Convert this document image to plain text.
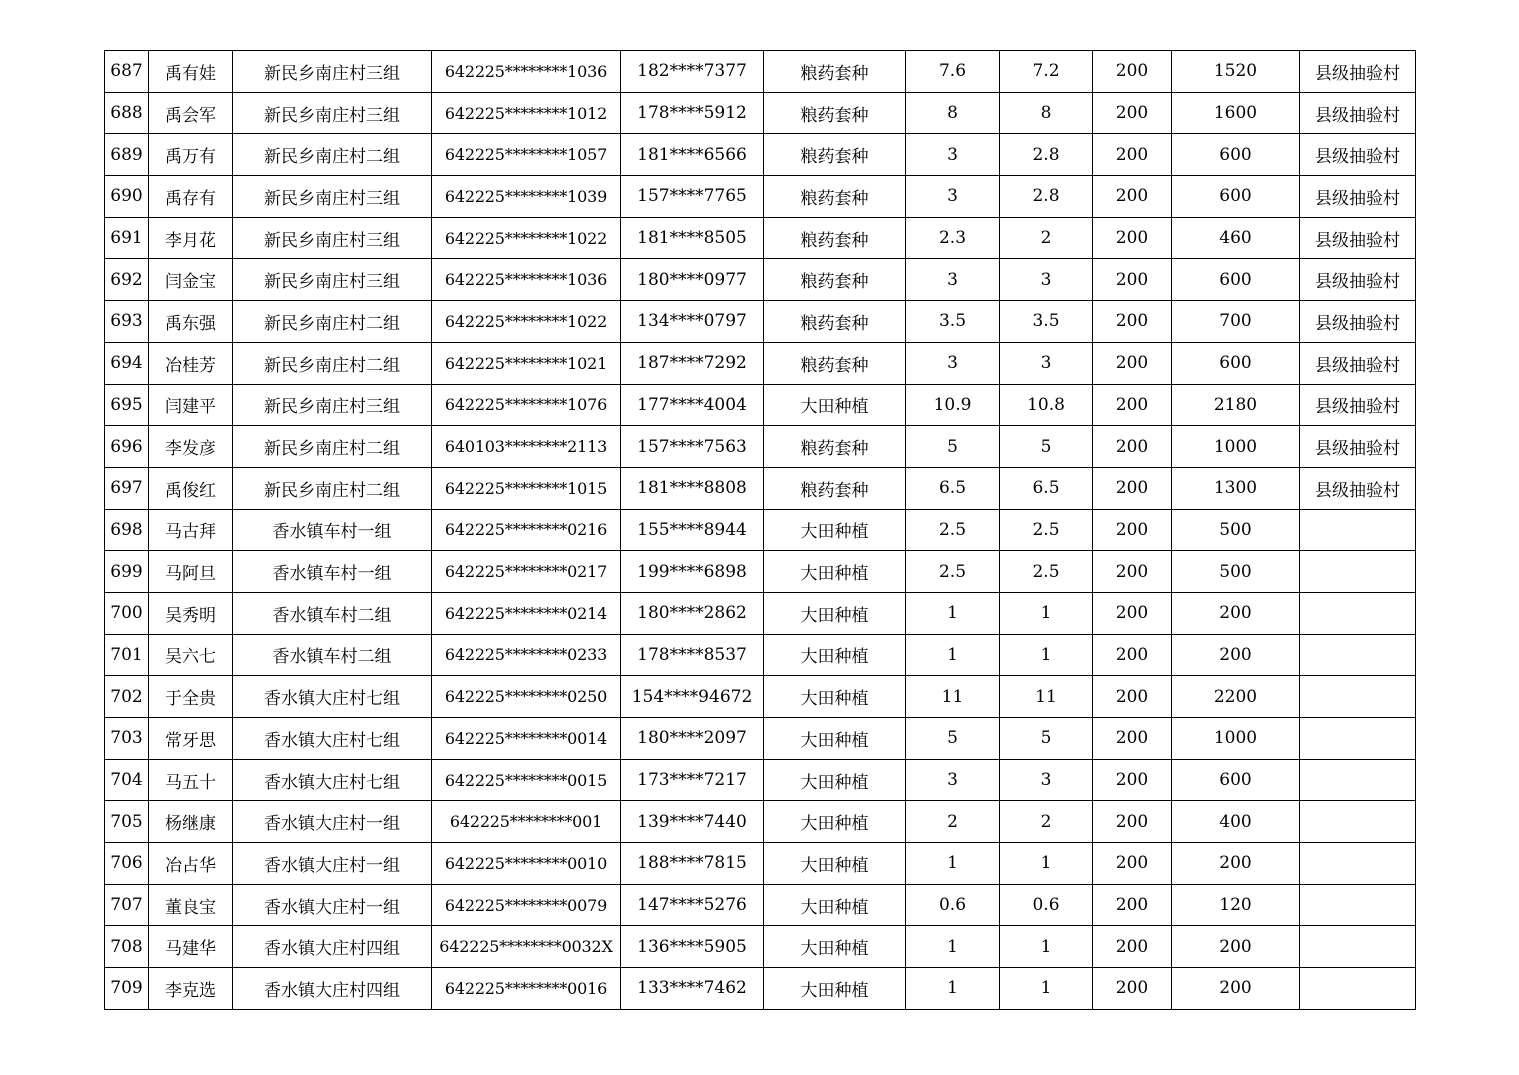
687	禹有娃	新民乡南庄村三组	642225********1036	182****7377	粮药套种	7.6	7.2	200	1520	县级抽验村
688	禹会军	新民乡南庄村三组	642225********1012	178****5912	粮药套种	8	8	200	1600	县级抽验村
689	禹万有	新民乡南庄村二组	642225********1057	181****6566	粮药套种	3	2.8	200	600	县级抽验村
690	禹存有	新民乡南庄村三组	642225********1039	157****7765	粮药套种	3	2.8	200	600	县级抽验村
691	李月花	新民乡南庄村三组	642225********1022	181****8505	粮药套种	2.3	2	200	460	县级抽验村
692	闫金宝	新民乡南庄村三组	642225********1036	180****0977	粮药套种	3	3	200	600	县级抽验村
693	禹东强	新民乡南庄村二组	642225********1022	134****0797	粮药套种	3.5	3.5	200	700	县级抽验村
694	冶桂芳	新民乡南庄村二组	642225********1021	187****7292	粮药套种	3	3	200	600	县级抽验村
695	闫建平	新民乡南庄村三组	642225********1076	177****4004	大田种植	10.9	10.8	200	2180	县级抽验村
696	李发彦	新民乡南庄村二组	640103********2113	157****7563	粮药套种	5	5	200	1000	县级抽验村
697	禹俊红	新民乡南庄村二组	642225********1015	181****8808	粮药套种	6.5	6.5	200	1300	县级抽验村
698	马古拜	香水镇车村一组	642225********0216	155****8944	大田种植	2.5	2.5	200	500	
699	马阿旦	香水镇车村一组	642225********0217	199****6898	大田种植	2.5	2.5	200	500	
700	吴秀明	香水镇车村二组	642225********0214	180****2862	大田种植	1	1	200	200	
701	吴六七	香水镇车村二组	642225********0233	178****8537	大田种植	1	1	200	200	
702	于全贵	香水镇大庄村七组	642225********0250	154****94672	大田种植	11	11	200	2200	
703	常牙思	香水镇大庄村七组	642225********0014	180****2097	大田种植	5	5	200	1000	
704	马五十	香水镇大庄村七组	642225********0015	173****7217	大田种植	3	3	200	600	
705	杨继康	香水镇大庄村一组	642225********001	139****7440	大田种植	2	2	200	400	
706	冶占华	香水镇大庄村一组	642225********0010	188****7815	大田种植	1	1	200	200	
707	董良宝	香水镇大庄村一组	642225********0079	147****5276	大田种植	0.6	0.6	200	120	
708	马建华	香水镇大庄村四组	642225********0032X	136****5905	大田种植	1	1	200	200	
709	李克选	香水镇大庄村四组	642225********0016	133****7462	大田种植	1	1	200	200	
